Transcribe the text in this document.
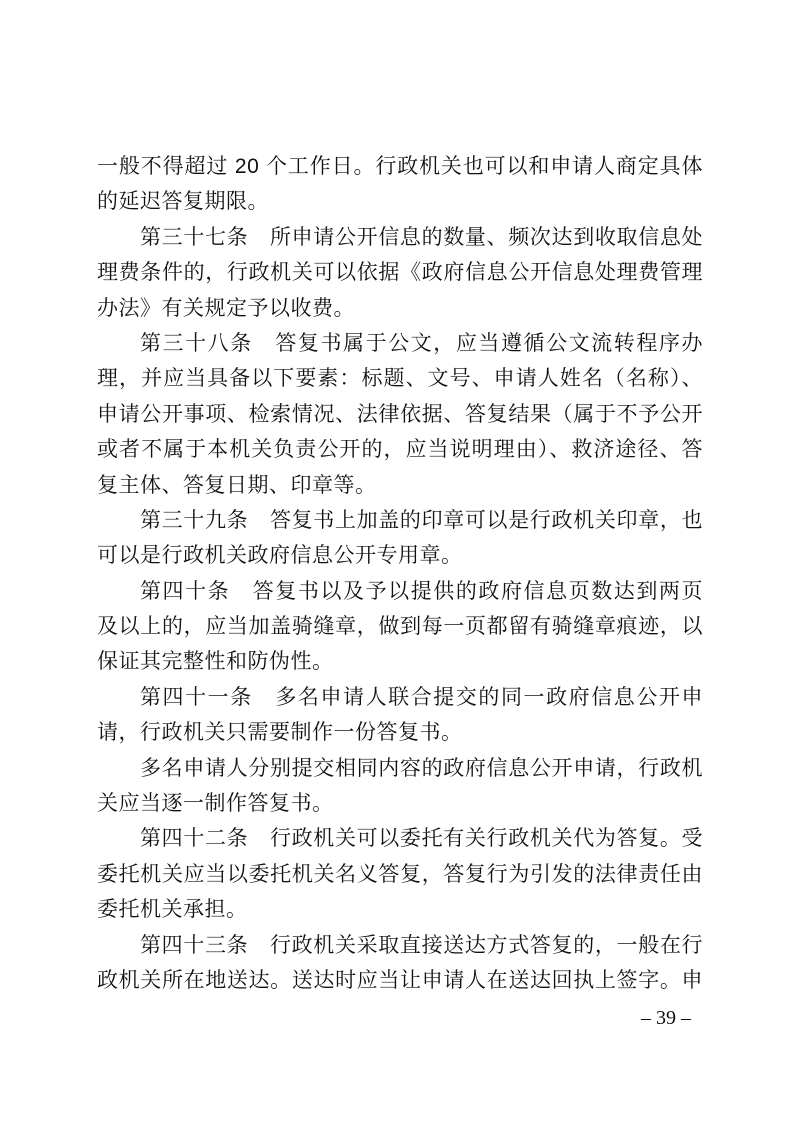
一般不得超过 20 个工作日。行政机关也可以和申请人商定具体
的延迟答复期限。
第三十七条　所申请公开信息的数量、频次达到收取信息处
理费条件的，行政机关可以依据《政府信息公开信息处理费管理
办法》有关规定予以收费。
第三十八条　答复书属于公文，应当遵循公文流转程序办
理，并应当具备以下要素：标题、文号、申请人姓名（名称）、
申请公开事项、检索情况、法律依据、答复结果（属于不予公开
或者不属于本机关负责公开的，应当说明理由）、救济途径、答
复主体、答复日期、印章等。
第三十九条　答复书上加盖的印章可以是行政机关印章，也
可以是行政机关政府信息公开专用章。
第四十条　答复书以及予以提供的政府信息页数达到两页
及以上的，应当加盖骑缝章，做到每一页都留有骑缝章痕迹，以
保证其完整性和防伪性。
第四十一条　多名申请人联合提交的同一政府信息公开申
请，行政机关只需要制作一份答复书。
多名申请人分别提交相同内容的政府信息公开申请，行政机
关应当逐一制作答复书。
第四十二条　行政机关可以委托有关行政机关代为答复。受
委托机关应当以委托机关名义答复，答复行为引发的法律责任由
委托机关承担。
第四十三条　行政机关采取直接送达方式答复的，一般在行
政机关所在地送达。送达时应当让申请人在送达回执上签字。申
– 39 –
